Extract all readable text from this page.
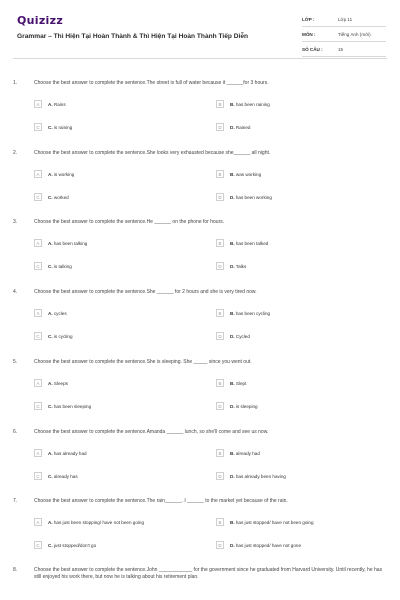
Quizizz
Grammar – Thì Hiện Tại Hoàn Thành & Thì Hiện Tại Hoàn Thành Tiếp Diễn
LỚP :	Lớp 11
MÔN :	Tiếng Anh (mới)
SỐ CÂU :	15
1.	Choose the best answer to complete the sentence.The street is full of water because it ______for 3 hours.
A	A. Rains	B	B. has been raining
C	C. is raining	D	D. Rained
2.	Choose the best answer to complete the sentence.She looks very exhausted because she______ all night.
A	A. is working	B	B. was working
C	C. worked	D	D. has been working
3.	Choose the best answer to complete the sentence.He ______ on the phone for hours.
A	A. has been talking	B	B. has been talked
C	C. is talking	D	D. Talks
4.	Choose the best answer to complete the sentence.She ______ for 2 hours and she is very tired now.
A	A. cycles	B	B. has been cycling
C	C. is cycling	D	D. Cycled
5.	Choose the best answer to complete the sentence.She is sleeping. She _____ since you went out.
A	A. Sleeps	B	B. Slept
C	C. has been sleeping	D	D. is sleeping
6.	Choose the best answer to complete the sentence.Amanda ______ lunch, so she'll come and see us now.
A	A. has already had	B	B. already had
C	C. already has	D	D. has already been having
7.	Choose the best answer to complete the sentence.The rain______. I ______ to the market yet because of the rain.
A	A. has just been stopping/ have not been going	B	B. has just stopped/ have not been going
C	C. just stopped/don't go	D	D. has just stopped/ have not gone
8.	Choose the best answer to complete the sentence.John ____________ for the government since he graduated from Harvard University. Until recently, he has still enjoyed his work there, but now he is talking about his retirement plan.
